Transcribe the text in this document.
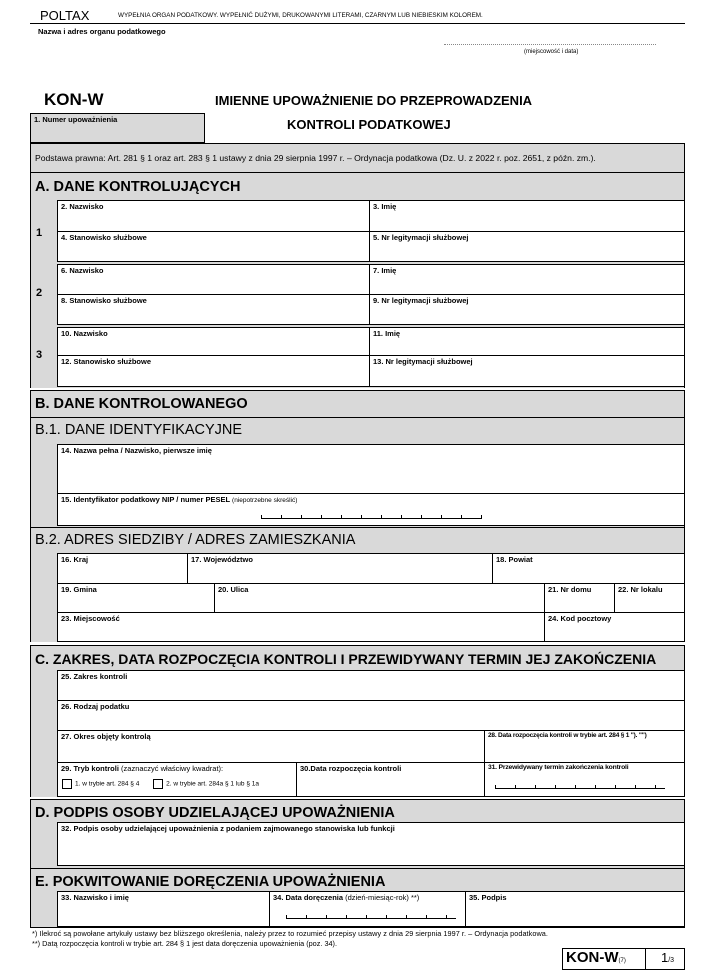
POLTAX	WYPEŁNIA ORGAN PODATKOWY. WYPEŁNIĆ DUŻYMI, DRUKOWANYMI LITERAMI, CZARNYM LUB NIEBIESKIM KOLOREM.
Nazwa i adres organu podatkowego
(miejscowość i data)
KON-W	IMIENNE UPOWAŻNIENIE DO PRZEPROWADZENIA
KONTROLI PODATKOWEJ
1. Numer upoważnienia
Podstawa prawna: Art. 281 § 1 oraz art. 283 § 1 ustawy z dnia 29 sierpnia 1997 r. – Ordynacja podatkowa (Dz. U. z 2022 r. poz. 2651, z późn. zm.).
A. DANE KONTROLUJĄCYCH
1
2. Nazwisko	3. Imię
4. Stanowisko służbowe	5. Nr legitymacji służbowej
2
6. Nazwisko	7. Imię
8. Stanowisko służbowe	9. Nr legitymacji służbowej
3
10. Nazwisko	11. Imię
12. Stanowisko służbowe	13. Nr legitymacji służbowej
B. DANE KONTROLOWANEGO
B.1. DANE IDENTYFIKACYJNE
14. Nazwa pełna / Nazwisko, pierwsze imię
15. Identyfikator podatkowy NIP / numer PESEL (niepotrzebne skreślić)
B.2. ADRES SIEDZIBY / ADRES ZAMIESZKANIA
16. Kraj	17. Województwo	18. Powiat
19. Gmina	20. Ulica	21. Nr domu	22. Nr lokalu
23. Miejscowość	24. Kod pocztowy
C. ZAKRES, DATA ROZPOCZĘCIA KONTROLI I PRZEWIDYWANY TERMIN JEJ ZAKOŃCZENIA
25. Zakres kontroli
26. Rodzaj podatku
27. Okres objęty kontrolą	28. Data rozpoczęcia kontroli w trybie art. 284 § 1 "). "")
29. Tryb kontroli (zaznaczyć właściwy kwadrat):
1. w trybie art. 284 § 4	2. w trybie art. 284a § 1 lub § 1a
30.Data rozpoczęcia kontroli	31. Przewidywany termin zakończenia kontroli
D. PODPIS OSOBY UDZIELAJĄCEJ UPOWAŻNIENIA
32. Podpis osoby udzielającej upoważnienia z podaniem zajmowanego stanowiska lub funkcji
E. POKWITOWANIE DORĘCZENIA UPOWAŻNIENIA
33. Nazwisko i imię	34. Data doręczenia (dzień-miesiąc-rok) **)	35. Podpis
*) Ilekroć są powołane artykuły ustawy bez bliższego określenia, należy przez to rozumieć przepisy ustawy z dnia 29 sierpnia 1997 r. – Ordynacja podatkowa.
**) Datą rozpoczęcia kontroli w trybie art. 284 § 1 jest data doręczenia upoważnienia (poz. 34).
KON-W(7)	1/3
